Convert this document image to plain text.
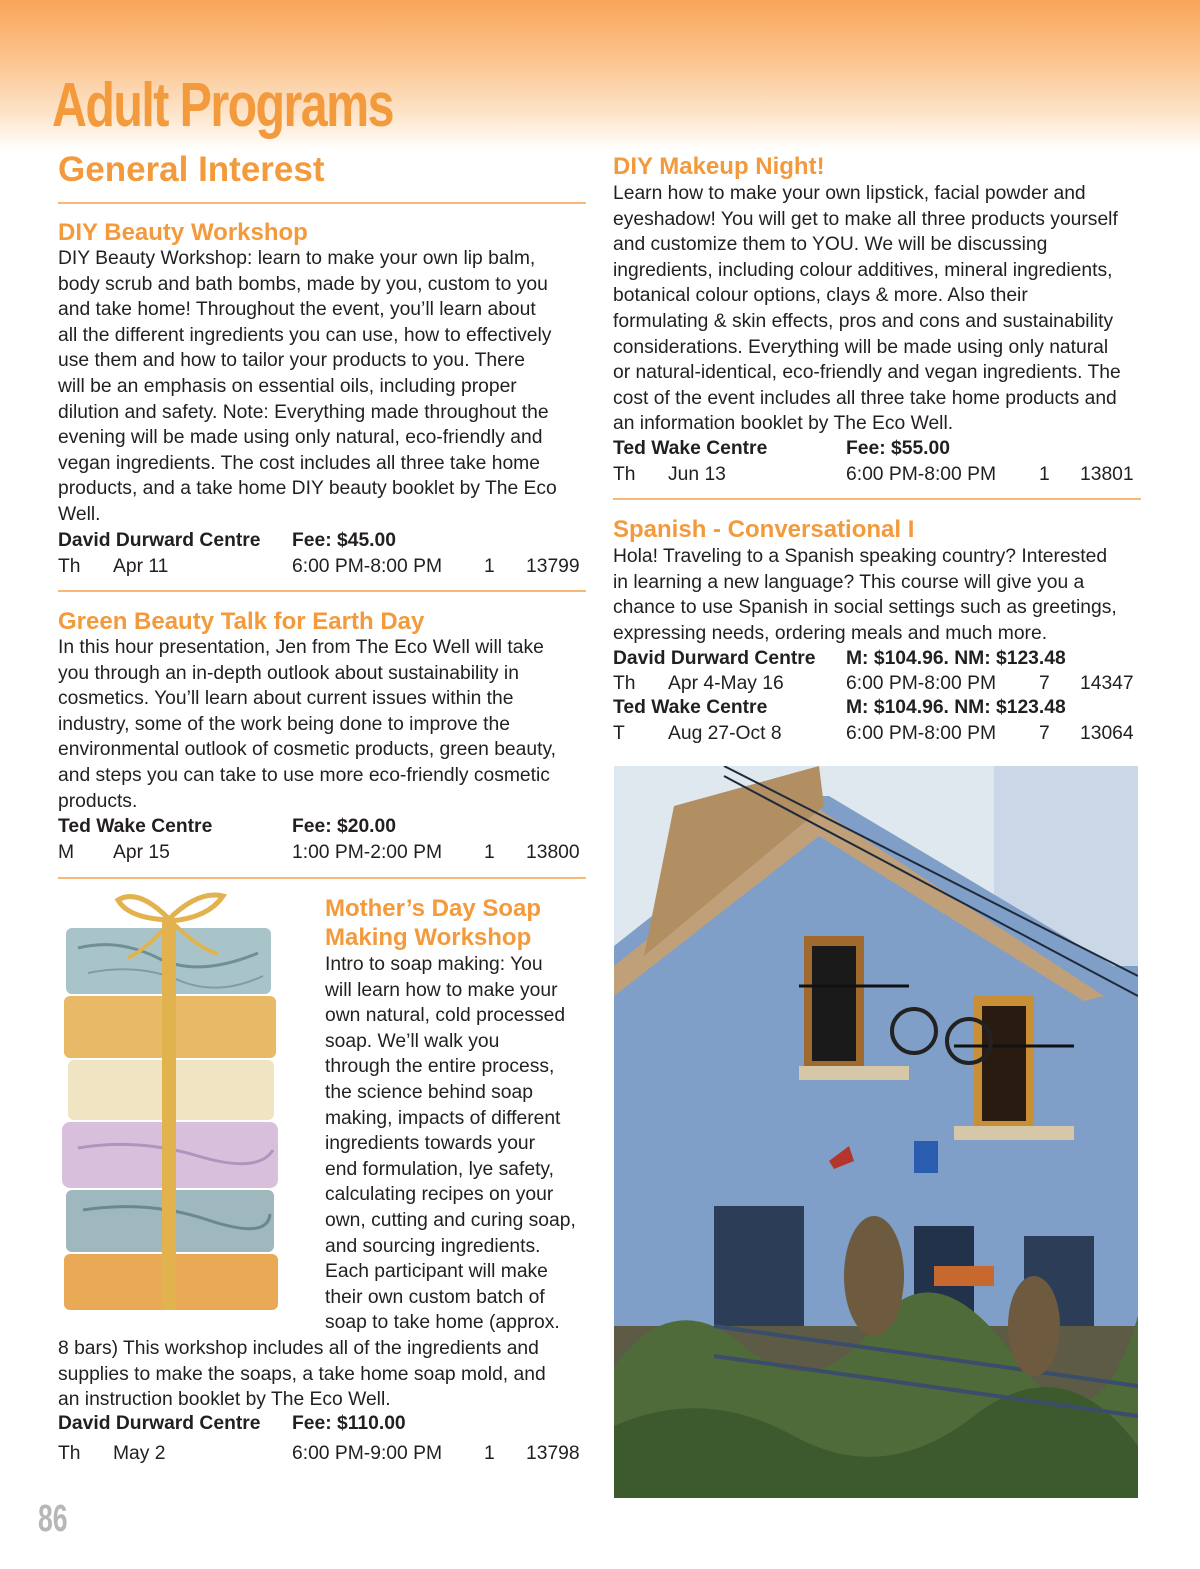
Adult Programs
General Interest
DIY Beauty Workshop
DIY Beauty Workshop: learn to make your own lip balm,
body scrub and bath bombs, made by you, custom to you
and take home! Throughout the event, you’ll learn about
all the different ingredients you can use, how to effectively
use them and how to tailor your products to you. There
will be an emphasis on essential oils, including proper
dilution and safety. Note: Everything made throughout the
evening will be made using only natural, eco-friendly and
vegan ingredients. The cost includes all three take home
products, and a take home DIY beauty booklet by The Eco
Well.
David Durward Centre Fee: $45.00
Th Apr 11	6:00 PM-8:00 PM 1 13799
Green Beauty Talk for Earth Day
In this hour presentation, Jen from The Eco Well will take
you through an in-depth outlook about sustainability in
cosmetics. You’ll learn about current issues within the
industry, some of the work being done to improve the
environmental outlook of cosmetic products, green beauty,
and steps you can take to use more eco-friendly cosmetic
products.
Ted Wake Centre	Fee: $20.00
M Apr 15	1:00 PM-2:00 PM 1 13800
Mother’s Day Soap
Making Workshop
Intro to soap making: You
will learn how to make your
own natural, cold processed
soap. We’ll walk you
through the entire process,
the science behind soap
making, impacts of different
ingredients towards your
end formulation, lye safety,
calculating recipes on your
own, cutting and curing soap,
and sourcing ingredients.
Each participant will make
their own custom batch of
soap to take home (approx.
8 bars) This workshop includes all of the ingredients and
supplies to make the soaps, a take home soap mold, and
an instruction booklet by The Eco Well.
David Durward Centre Fee: $110.00
Th May 2	6:00 PM-9:00 PM 1 13798
DIY Makeup Night!
Learn how to make your own lipstick, facial powder and
eyeshadow! You will get to make all three products yourself
and customize them to YOU. We will be discussing
ingredients, including colour additives, mineral ingredients,
botanical colour options, clays & more. Also their
formulating & skin effects, pros and cons and sustainability
considerations. Everything will be made using only natural
or natural-identical, eco-friendly and vegan ingredients. The
cost of the event includes all three take home products and
an information booklet by The Eco Well.
Ted Wake Centre	Fee: $55.00
Th Jun 13	6:00 PM-8:00 PM 1 13801
Spanish - Conversational I
Hola! Traveling to a Spanish speaking country? Interested
in learning a new language? This course will give you a
chance to use Spanish in social settings such as greetings,
expressing needs, ordering meals and much more.
David Durward Centre M: $104.96. NM: $123.48
Th Apr 4-May 16	6:00 PM-8:00 PM 7 14347
Ted Wake Centre	M: $104.96. NM: $123.48
T Aug 27-Oct 8	6:00 PM-8:00 PM 7 13064
86
